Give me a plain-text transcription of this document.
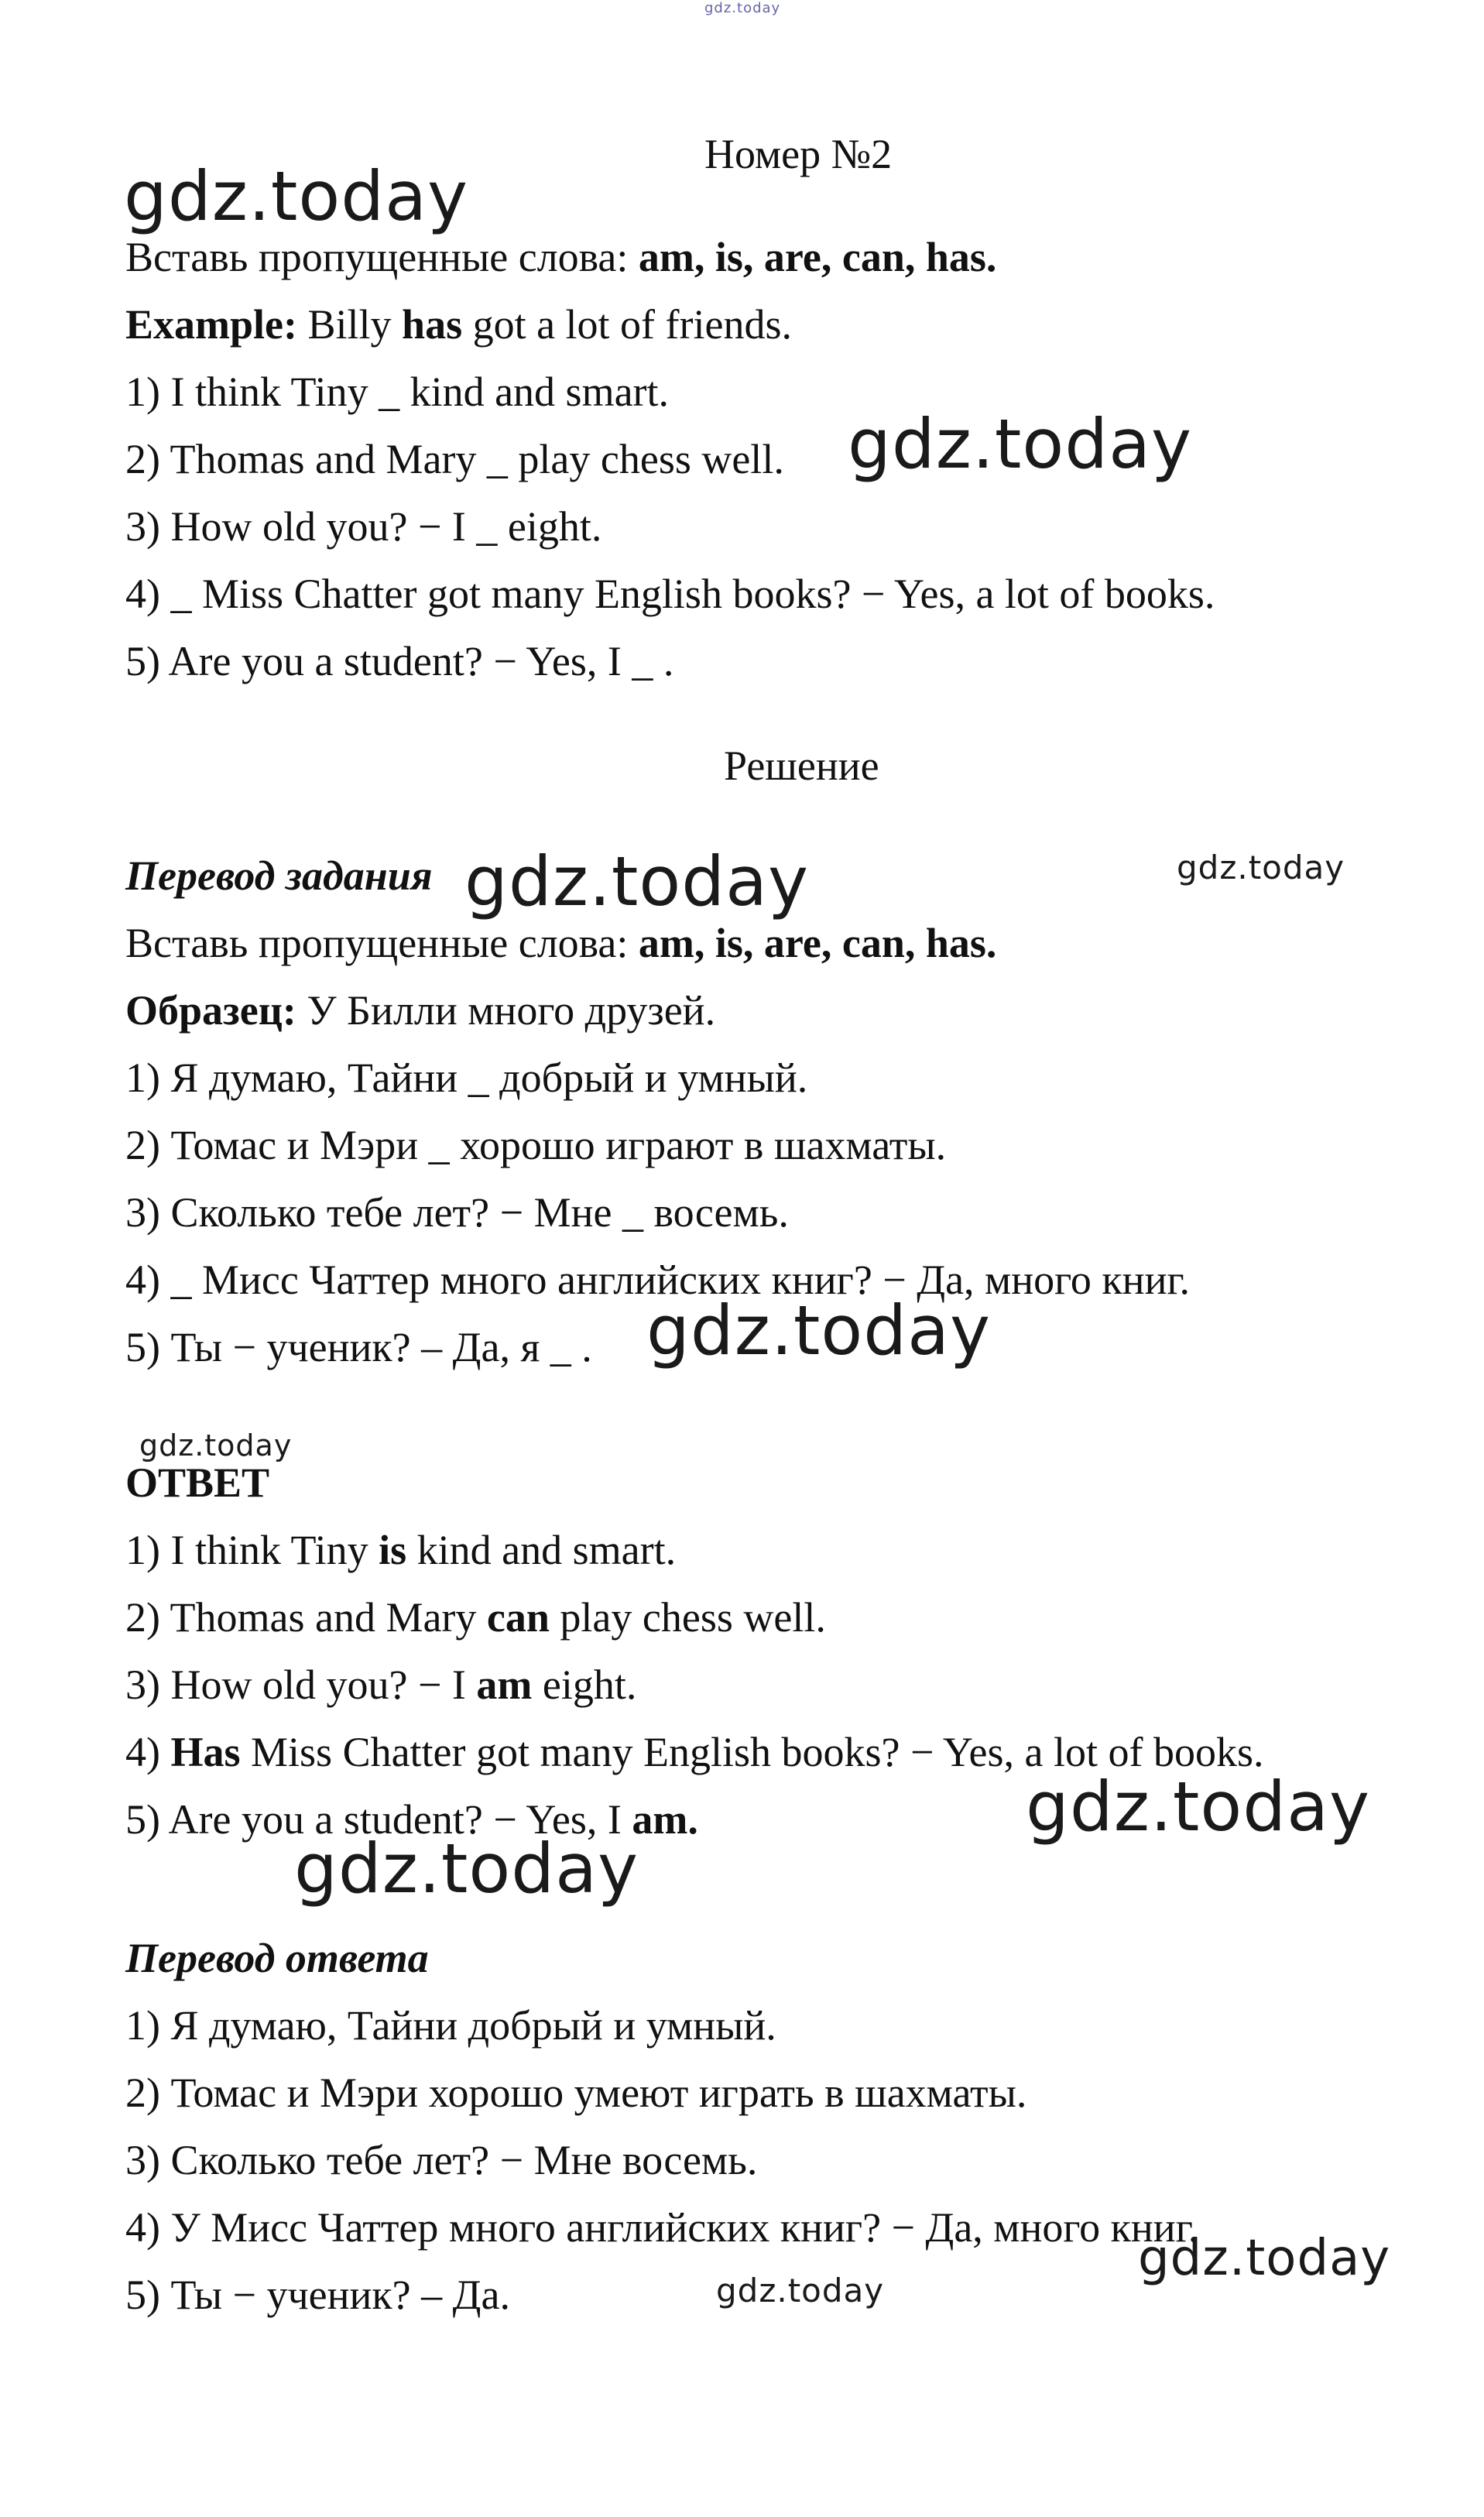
gdz.today
Номер №2
gdz.today
Вставь пропущенные слова: am, is, are, can, has.
Example: Billy has got a lot of friends.
1) I think Tiny _ kind and smart.
2) Thomas and Mary _ play chess well. gdz.today
3) How old you? − I _ eight.
4) _ Miss Chatter got many English books? − Yes, a lot of books.
5) Are you a student? − Yes, I _ .
Решение
Перевод задания gdz.today	gdz.today
Вставь пропущенные слова: am, is, are, can, has.
Образец: У Билли много друзей.
1) Я думаю, Тайни _ добрый и умный.
2) Томас и Мэри _ хорошо играют в шахматы.
3) Сколько тебе лет? − Мне _ восемь.
4) _ Мисс Чаттер много английских книг? − Да, много книг.
5) Ты − ученик? – Да, я _ . gdz.today
gdz.today
ОТВЕТ
1) I think Tiny is kind and smart.
2) Thomas and Mary can play chess well.
3) How old you? − I am eight.
4) Has Miss Chatter got many English books? − Yes, a lot of books.
5) Are you a student? − Yes, I am.	gdz.today
gdz.today
Перевод ответа
1) Я думаю, Тайни добрый и умный.
2) Томас и Мэри хорошо умеют играть в шахматы.
3) Сколько тебе лет? − Мне восемь.
4) У Мисс Чаттер много английских книг? − Да, много книг.
5) Ты − ученик? – Да.
gdz.today
gdz.today
